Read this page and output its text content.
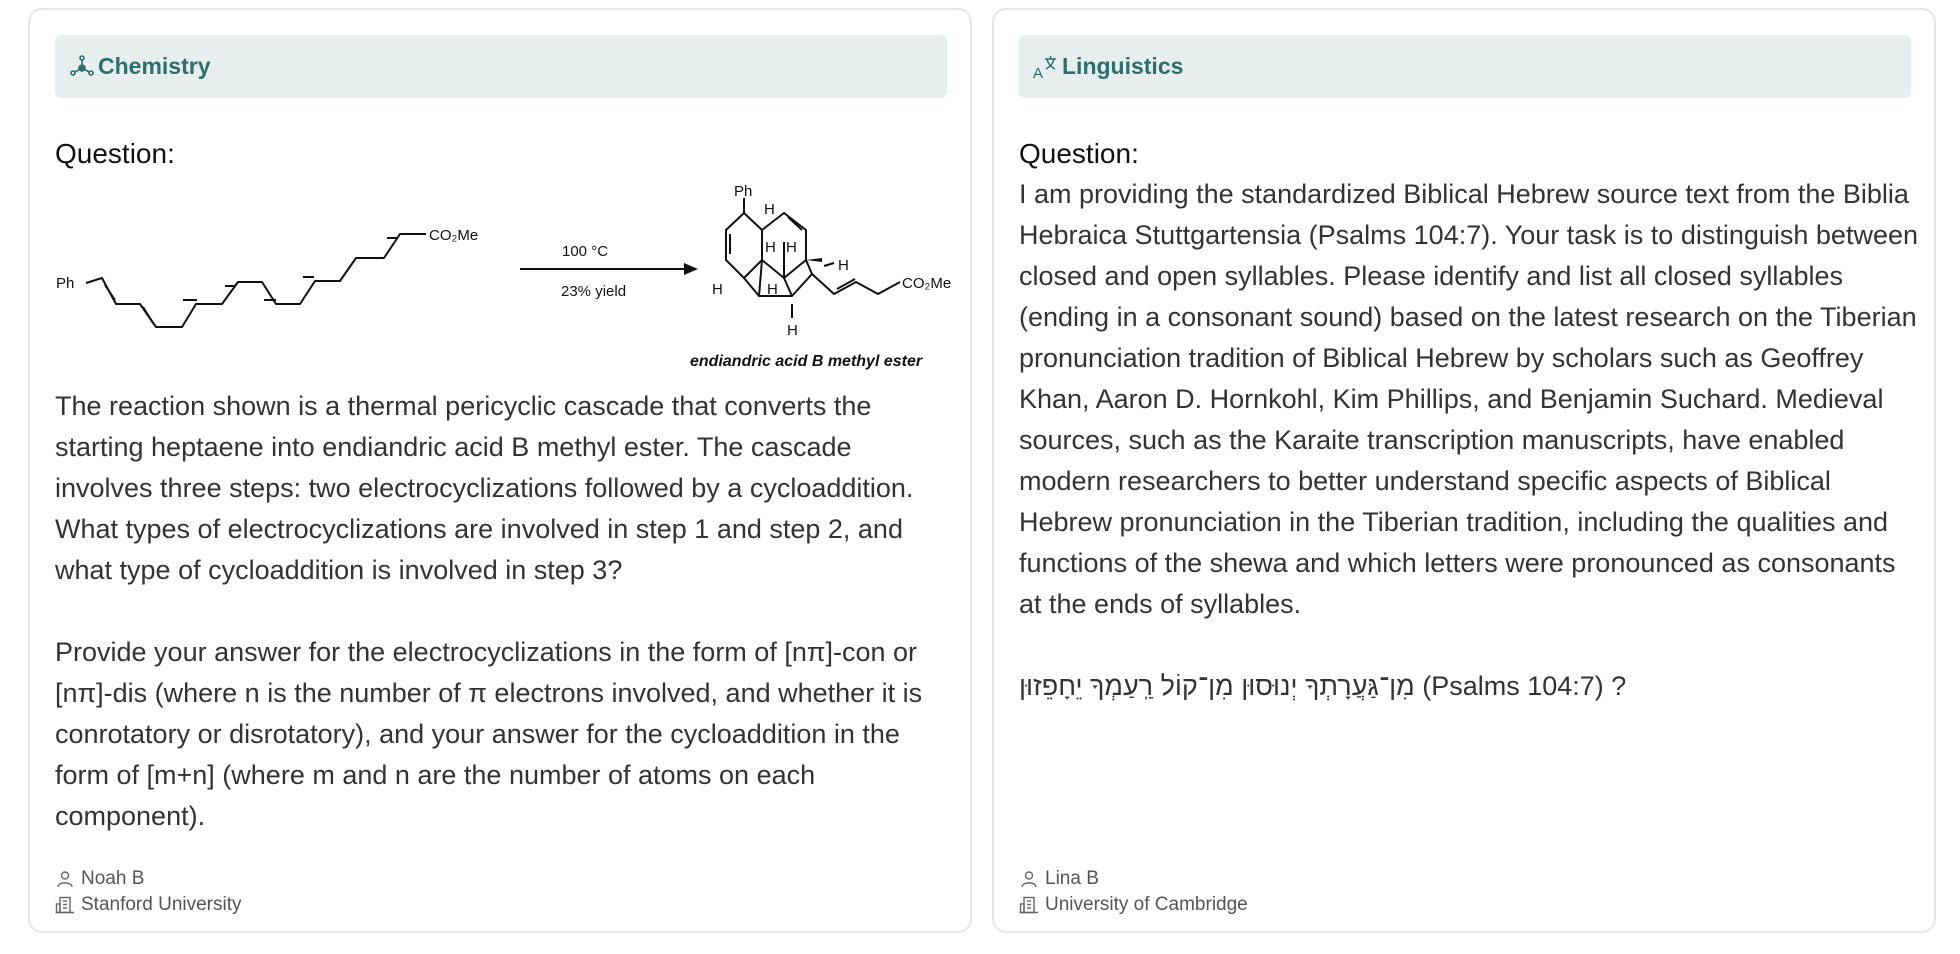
Chemistry
Question:
Ph
CO₂Me
100 °C
23% yield
Ph
H
H
H
H
H	H
H
CO₂Me
endiandric acid B methyl ester

The reaction shown is a thermal pericyclic cascade that converts the starting heptaene into endiandric acid B methyl ester. The cascade involves three steps: two electrocyclizations followed by a cycloaddition. What types of electrocyclizations are involved in step 1 and step 2, and what type of cycloaddition is involved in step 3?

Provide your answer for the electrocyclizations in the form of [nπ]-con or [nπ]-dis (where n is the number of π electrons involved, and whether it is conrotatory or disrotatory), and your answer for the cycloaddition in the form of [m+n] (where m and n are the number of atoms on each component).

Noah B
Stanford University
A Linguistics
Question:

I am providing the standardized Biblical Hebrew source text from the Biblia Hebraica Stuttgartensia (Psalms 104:7). Your task is to distinguish between closed and open syllables. Please identify and list all closed syllables (ending in a consonant sound) based on the latest research on the Tiberian pronunciation tradition of Biblical Hebrew by scholars such as Geoffrey Khan, Aaron D. Hornkohl, Kim Phillips, and Benjamin Suchard. Medieval sources, such as the Karaite transcription manuscripts, have enabled modern researchers to better understand specific aspects of Biblical Hebrew pronunciation in the Tiberian tradition, including the qualities and functions of the shewa and which letters were pronounced as consonants at the ends of syllables.

מִן־גַּעֲרָתְךָ יְנוּסוּן מִן־קוֹל רַֽעַמְךָ יֵחָפֵזוּן (Psalms 104:7) ?

Lina B
University of Cambridge
